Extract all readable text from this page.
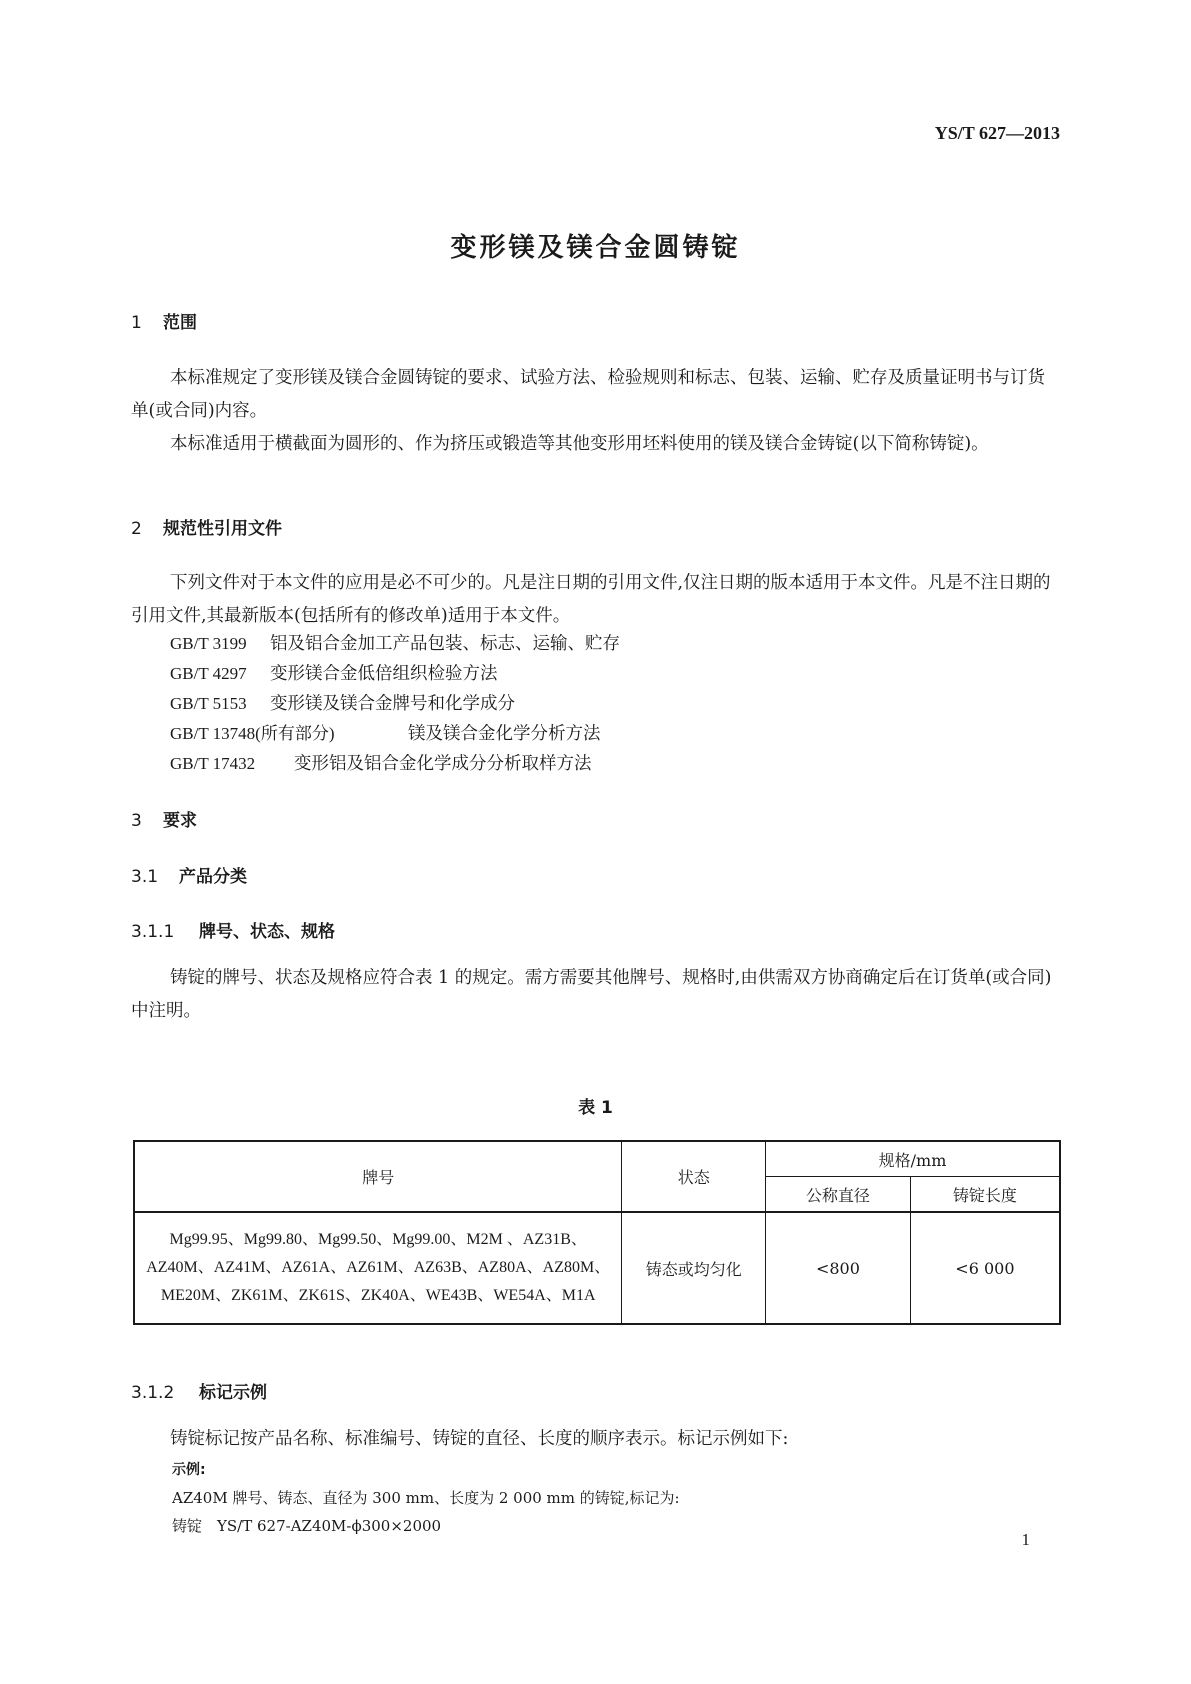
YS/T 627—2013
变形镁及镁合金圆铸锭
1 范围
本标准规定了变形镁及镁合金圆铸锭的要求、试验方法、检验规则和标志、包装、运输、贮存及质量证明书与订货单(或合同)内容。
本标准适用于横截面为圆形的、作为挤压或锻造等其他变形用坯料使用的镁及镁合金铸锭(以下简称铸锭)。
2 规范性引用文件
下列文件对于本文件的应用是必不可少的。凡是注日期的引用文件,仅注日期的版本适用于本文件。凡是不注日期的引用文件,其最新版本(包括所有的修改单)适用于本文件。
GB/T 3199 铝及铝合金加工产品包装、标志、运输、贮存
GB/T 4297 变形镁合金低倍组织检验方法
GB/T 5153 变形镁及镁合金牌号和化学成分
GB/T 13748(所有部分)	镁及镁合金化学分析方法
GB/T 17432 变形铝及铝合金化学成分分析取样方法
3 要求
3.1 产品分类
3.1.1 牌号、状态、规格
铸锭的牌号、状态及规格应符合表 1 的规定。需方需要其他牌号、规格时,由供需双方协商确定后在订货单(或合同)中注明。
表 1
牌号	状态	规格/mm	
		公称直径	铸锭长度

Mg99.95、Mg99.80、Mg99.50、Mg99.00、M2M 、AZ31B、
AZ40M、AZ41M、AZ61A、AZ61M、AZ63B、AZ80A、AZ80M、
ME20M、ZK61M、ZK61S、ZK40A、WE43B、WE54A、M1A	铸态或均匀化	<800	<6 000
3.1.2 标记示例
铸锭标记按产品名称、标准编号、铸锭的直径、长度的顺序表示。标记示例如下:
示例:
AZ40M 牌号、铸态、直径为 300 mm、长度为 2 000 mm 的铸锭,标记为:
铸锭　YS/T 627-AZ40M-ϕ300×2000
1
